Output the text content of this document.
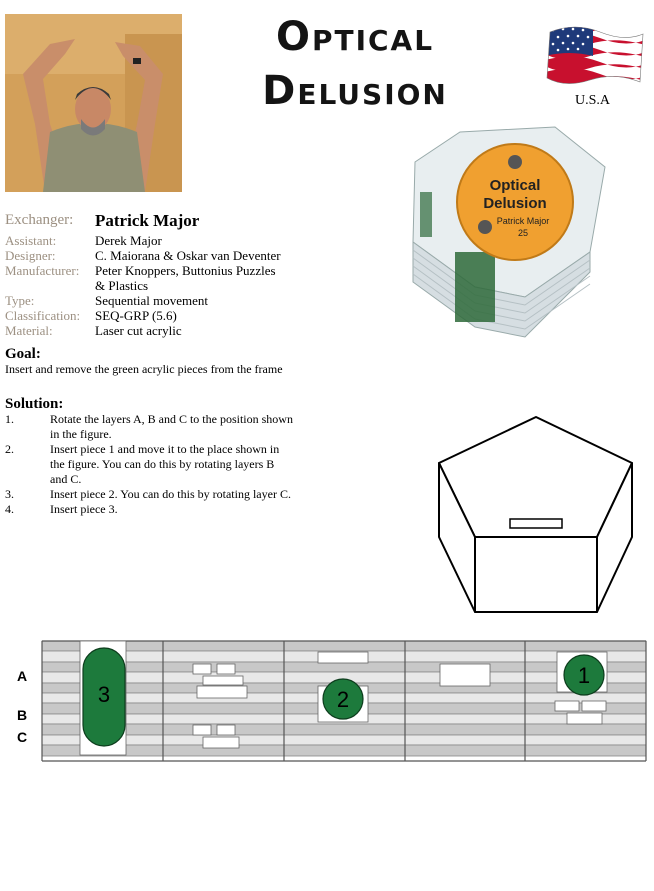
Optical
Delusion	U.S.A
Optical
Delusion
Patrick Major
25
Exchanger: Patrick Major
Assistant:	Derek Major
Designer:	C. Maiorana & Oskar van Deventer
Manufacturer: Peter Knoppers, Buttonius Puzzles
& Plastics
Type:	Sequential movement
Classification: SEQ-GRP (5.6)
Material:	Laser cut acrylic
Goal:
Insert and remove the green acrylic pieces from the frame
Solution:
1.	Rotate the layers A, B and C to the position shown
in the figure.
2.	Insert piece 1 and move it to the place shown in
the figure. You can do this by rotating layers B
and C.
3.	Insert piece 2. You can do this by rotating layer C.
4.	Insert piece 3.
3	2
1
A
B
C
